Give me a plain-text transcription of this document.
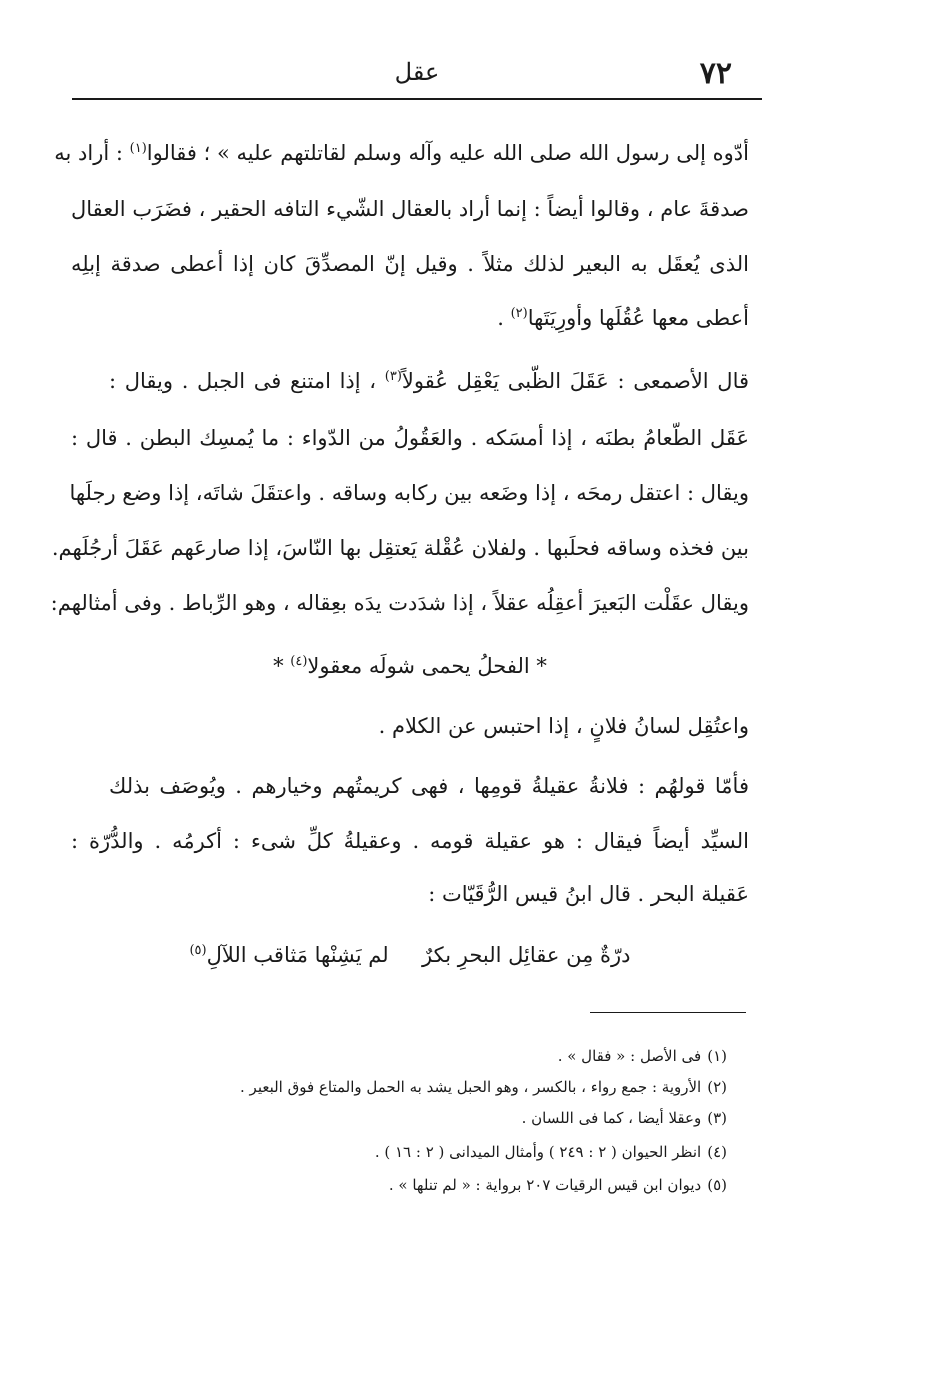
٧٢
عقل
أدّوه إلى رسول الله صلى الله عليه وآله وسلم لقاتلتهم عليه » ؛ فقالوا$^{(١)}$ : أراد به
صدقةَ عام ، وقالوا أيضاً : إنما أراد بالعقال الشّيء التافه الحقير ، فضَرَب العقال
الذى يُعقَل به البعير لذلك مثلاً . وقيل إنّ المصدِّقَ كان إذا أعطى صدقة إبلِه
أعطى معها عُقُلَها وأورِيَتَها$^{(٢)}$ .
قال الأصمعى : عَقَلَ الظّبى يَعْقِل عُقولاً$^{(٣)}$ ، إذا امتنع فى الجبل . ويقال :
عَقَل الطّعامُ بطنَه ، إذا أمسَكه . والعَقُولُ من الدّواء : ما يُمسِك البطن . قال :
ويقال : اعتقل رمحَه ، إذا وضَعه بين ركابه وساقه . واعتقَلَ شاتَه، إذا وضع رجلَها
بين فخذه وساقه فحلَبها . ولفلان عُقْلة يَعتقِل بها النّاسَ، إذا صارعَهم عَقَلَ أرجُلَهم.
ويقال عقَلْت البَعيرَ أعقِلُه عقلاً ، إذا شدَدت يدَه بعِقاله ، وهو الرِّباط . وفى أمثالهم:
* الفحلُ يحمى شولَه معقولا$^{(٤)}$ *
واعتُقِل لسانُ فلانٍ ، إذا احتبس عن الكلام .
فأمّا قولهُم : فلانةُ عقيلةُ قومِها ، فهى كريمتُهم وخيارهم . ويُوصَف بذلك
السيِّد أيضاً فيقال : هو عقيلة قومه . وعقيلةُ كلِّ شىء : أكرمُه . والدُّرّة :
عَقيلة البحر . قال ابنُ قيس الرُّقَيّات :
درّةٌ مِن عقائِل البحرِ بكرٌ     لم يَشِنْها مَثاقب اللآلِ$^{(٥)}$
(١)فى الأصل : « فقال » .
(٢)الأروية : جمع رواء ، بالكسر ، وهو الحبل يشد به الحمل والمتاع فوق البعير .
(٣)وعقلا أيضا ، كما فى اللسان .
(٤)انظر الحيوان ( ٢ : ٢٤٩ ) وأمثال الميدانى ( ٢ : ١٦ ) .
(٥)ديوان ابن قيس الرقيات ٢٠٧ برواية : « لم تنلها » .
